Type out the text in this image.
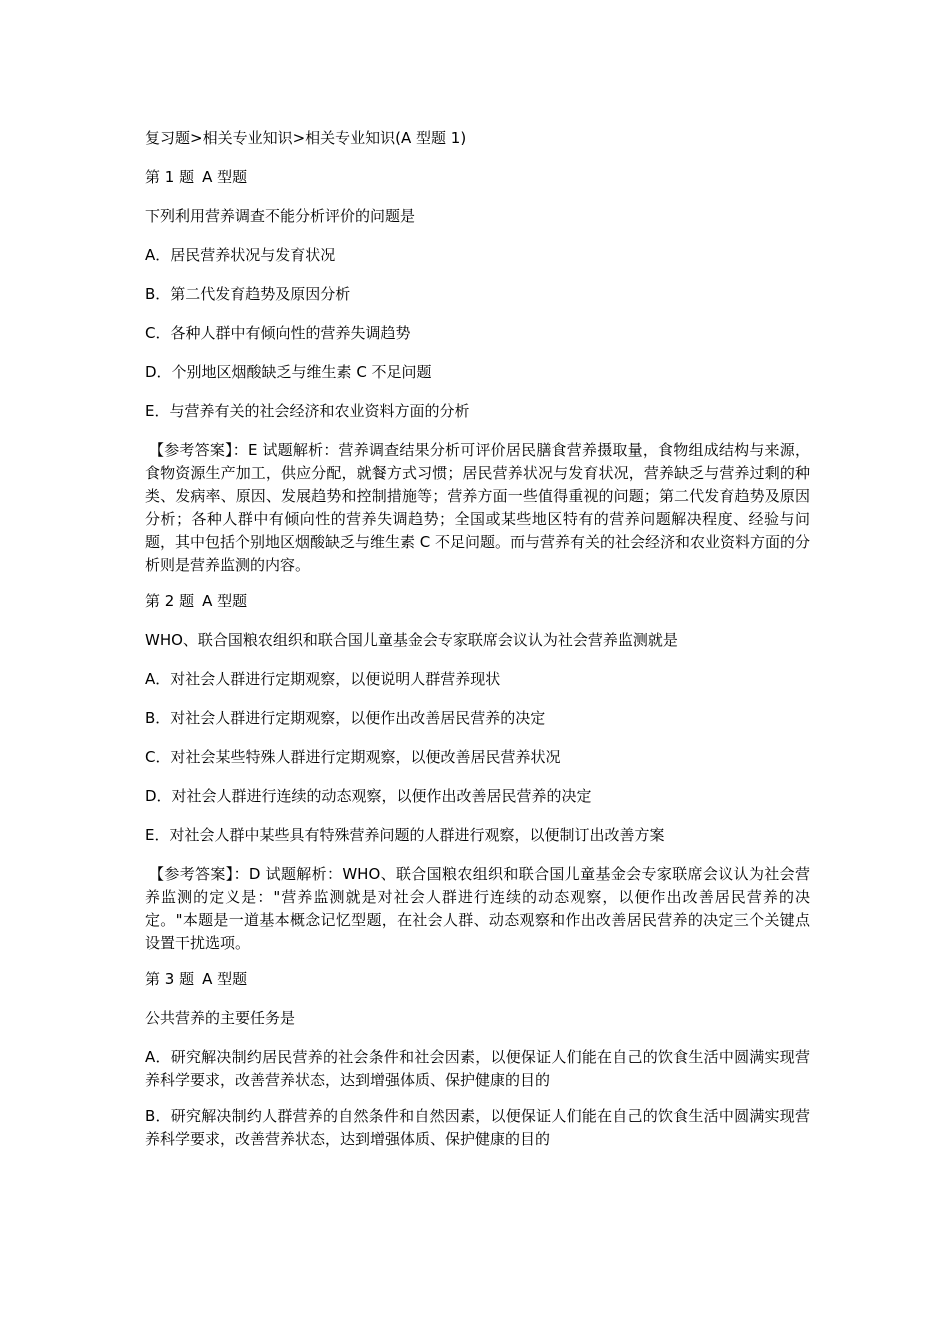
复习题>相关专业知识>相关专业知识(A 型题 1)
第 1 题 A 型题
下列利用营养调查不能分析评价的问题是
A．居民营养状况与发育状况
B．第二代发育趋势及原因分析
C．各种人群中有倾向性的营养失调趋势
D．个别地区烟酸缺乏与维生素 C 不足问题
E．与营养有关的社会经济和农业资料方面的分析
【参考答案】：E 试题解析：营养调查结果分析可评价居民膳食营养摄取量，食物组成结构与来源，食物资源生产加工，供应分配，就餐方式习惯；居民营养状况与发育状况，营养缺乏与营养过剩的种类、发病率、原因、发展趋势和控制措施等；营养方面一些值得重视的问题；第二代发育趋势及原因分析；各种人群中有倾向性的营养失调趋势；全国或某些地区特有的营养问题解决程度、经验与问题，其中包括个别地区烟酸缺乏与维生素 C 不足问题。而与营养有关的社会经济和农业资料方面的分析则是营养监测的内容。
第 2 题 A 型题
WHO、联合国粮农组织和联合国儿童基金会专家联席会议认为社会营养监测就是
A．对社会人群进行定期观察，以便说明人群营养现状
B．对社会人群进行定期观察，以便作出改善居民营养的决定
C．对社会某些特殊人群进行定期观察，以便改善居民营养状况
D．对社会人群进行连续的动态观察，以便作出改善居民营养的决定
E．对社会人群中某些具有特殊营养问题的人群进行观察，以便制订出改善方案
【参考答案】：D 试题解析：WHO、联合国粮农组织和联合国儿童基金会专家联席会议认为社会营养监测的定义是："营养监测就是对社会人群进行连续的动态观察，以便作出改善居民营养的决定。"本题是一道基本概念记忆型题，在社会人群、动态观察和作出改善居民营养的决定三个关键点设置干扰选项。
第 3 题 A 型题
公共营养的主要任务是
A．研究解决制约居民营养的社会条件和社会因素，以便保证人们能在自己的饮食生活中圆满实现营养科学要求，改善营养状态，达到增强体质、保护健康的目的
B．研究解决制约人群营养的自然条件和自然因素，以便保证人们能在自己的饮食生活中圆满实现营养科学要求，改善营养状态，达到增强体质、保护健康的目的
